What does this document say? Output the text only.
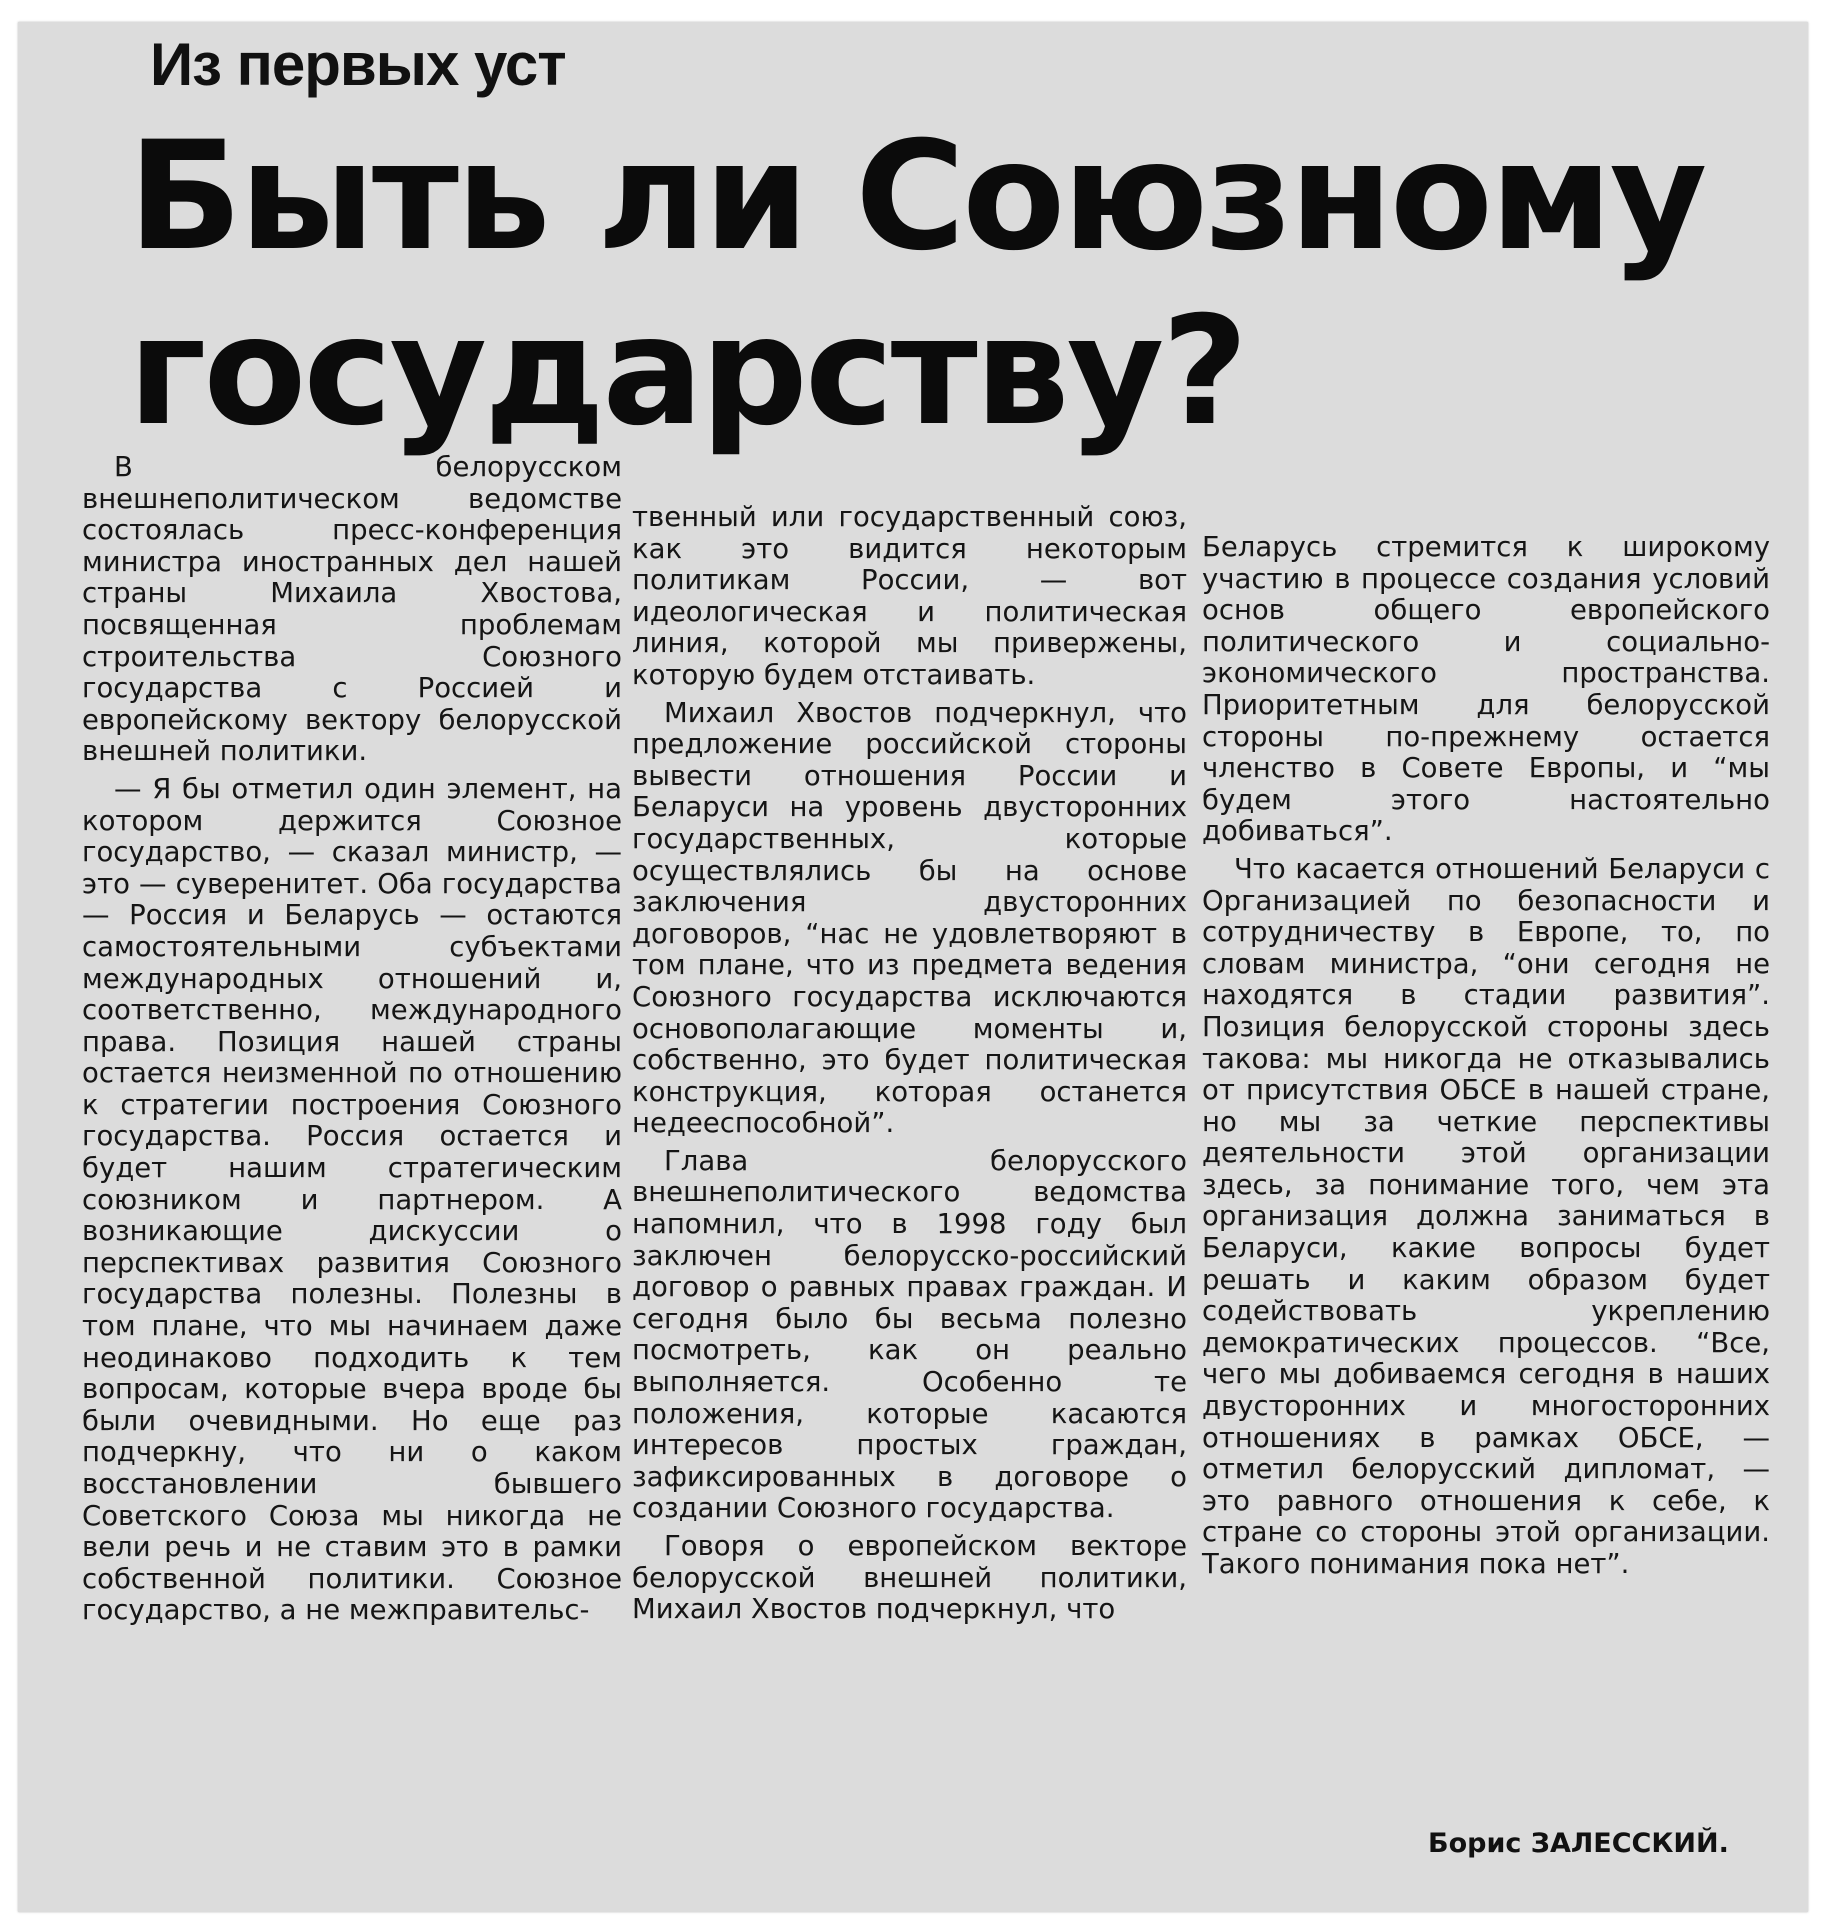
Из первых уст
Быть ли Союзному государству?

В белорусском внешнеполитическом ведомстве состоялась пресс-конференция министра иностранных дел нашей страны Михаила Хвостова, посвященная проблемам строительства Союзного государства с Россией и европейскому вектору белорусской внешней политики.

— Я бы отметил один элемент, на котором держится Союзное государство, — сказал министр, — это — суверенитет. Оба государства — Россия и Беларусь — остаются самостоятельными субъектами международных отношений и, соответственно, международного права. Позиция нашей страны остается неизменной по отношению к стратегии построения Союзного государства. Россия остается и будет нашим стратегическим союзником и партнером. А возникающие дискуссии о перспективах развития Союзного государства полезны. Полезны в том плане, что мы начинаем даже неодинаково подходить к тем вопросам, которые вчера вроде бы были очевидными. Но еще раз подчеркну, что ни о каком восстановлении бывшего Советского Союза мы никогда не вели речь и не ставим это в рамки собственной политики. Союзное государство, а не межправительс-

твенный или государственный союз, как это видится некоторым политикам России, — вот идеологическая и политическая линия, которой мы привержены, которую будем отстаивать.

Михаил Хвостов подчеркнул, что предложение российской стороны вывести отношения России и Беларуси на уровень двусторонних государственных, которые осуществлялись бы на основе заключения двусторонних договоров, “нас не удовлетворяют в том плане, что из предмета ведения Союзного государства исключаются основополагающие моменты и, собственно, это будет политическая конструкция, которая останется недееспособной”.

Глава белорусского внешнеполитического ведомства напомнил, что в 1998 году был заключен белорусско-российский договор о равных правах граждан. И сегодня было бы весьма полезно посмотреть, как он реально выполняется. Особенно те положения, которые касаются интересов простых граждан, зафиксированных в договоре о создании Союзного государства.

Говоря о европейском векторе белорусской внешней политики, Михаил Хвостов подчеркнул, что

Беларусь стремится к широкому участию в процессе создания условий основ общего европейского политического и социально-экономического пространства. Приоритетным для белорусской стороны по-прежнему остается членство в Совете Европы, и “мы будем этого настоятельно добиваться”.

Что касается отношений Беларуси с Организацией по безопасности и сотрудничеству в Европе, то, по словам министра, “они сегодня не находятся в стадии развития”. Позиция белорусской стороны здесь такова: мы никогда не отказывались от присутствия ОБСЕ в нашей стране, но мы за четкие перспективы деятельности этой организации здесь, за понимание того, чем эта организация должна заниматься в Беларуси, какие вопросы будет решать и каким образом будет содействовать укреплению демократических процессов. “Все, чего мы добиваемся сегодня в наших двусторонних и многосторонних отношениях в рамках ОБСЕ, — отметил белорусский дипломат, — это равного отношения к себе, к стране со стороны этой организации. Такого понимания пока нет”.

Борис ЗАЛЕССКИЙ.
